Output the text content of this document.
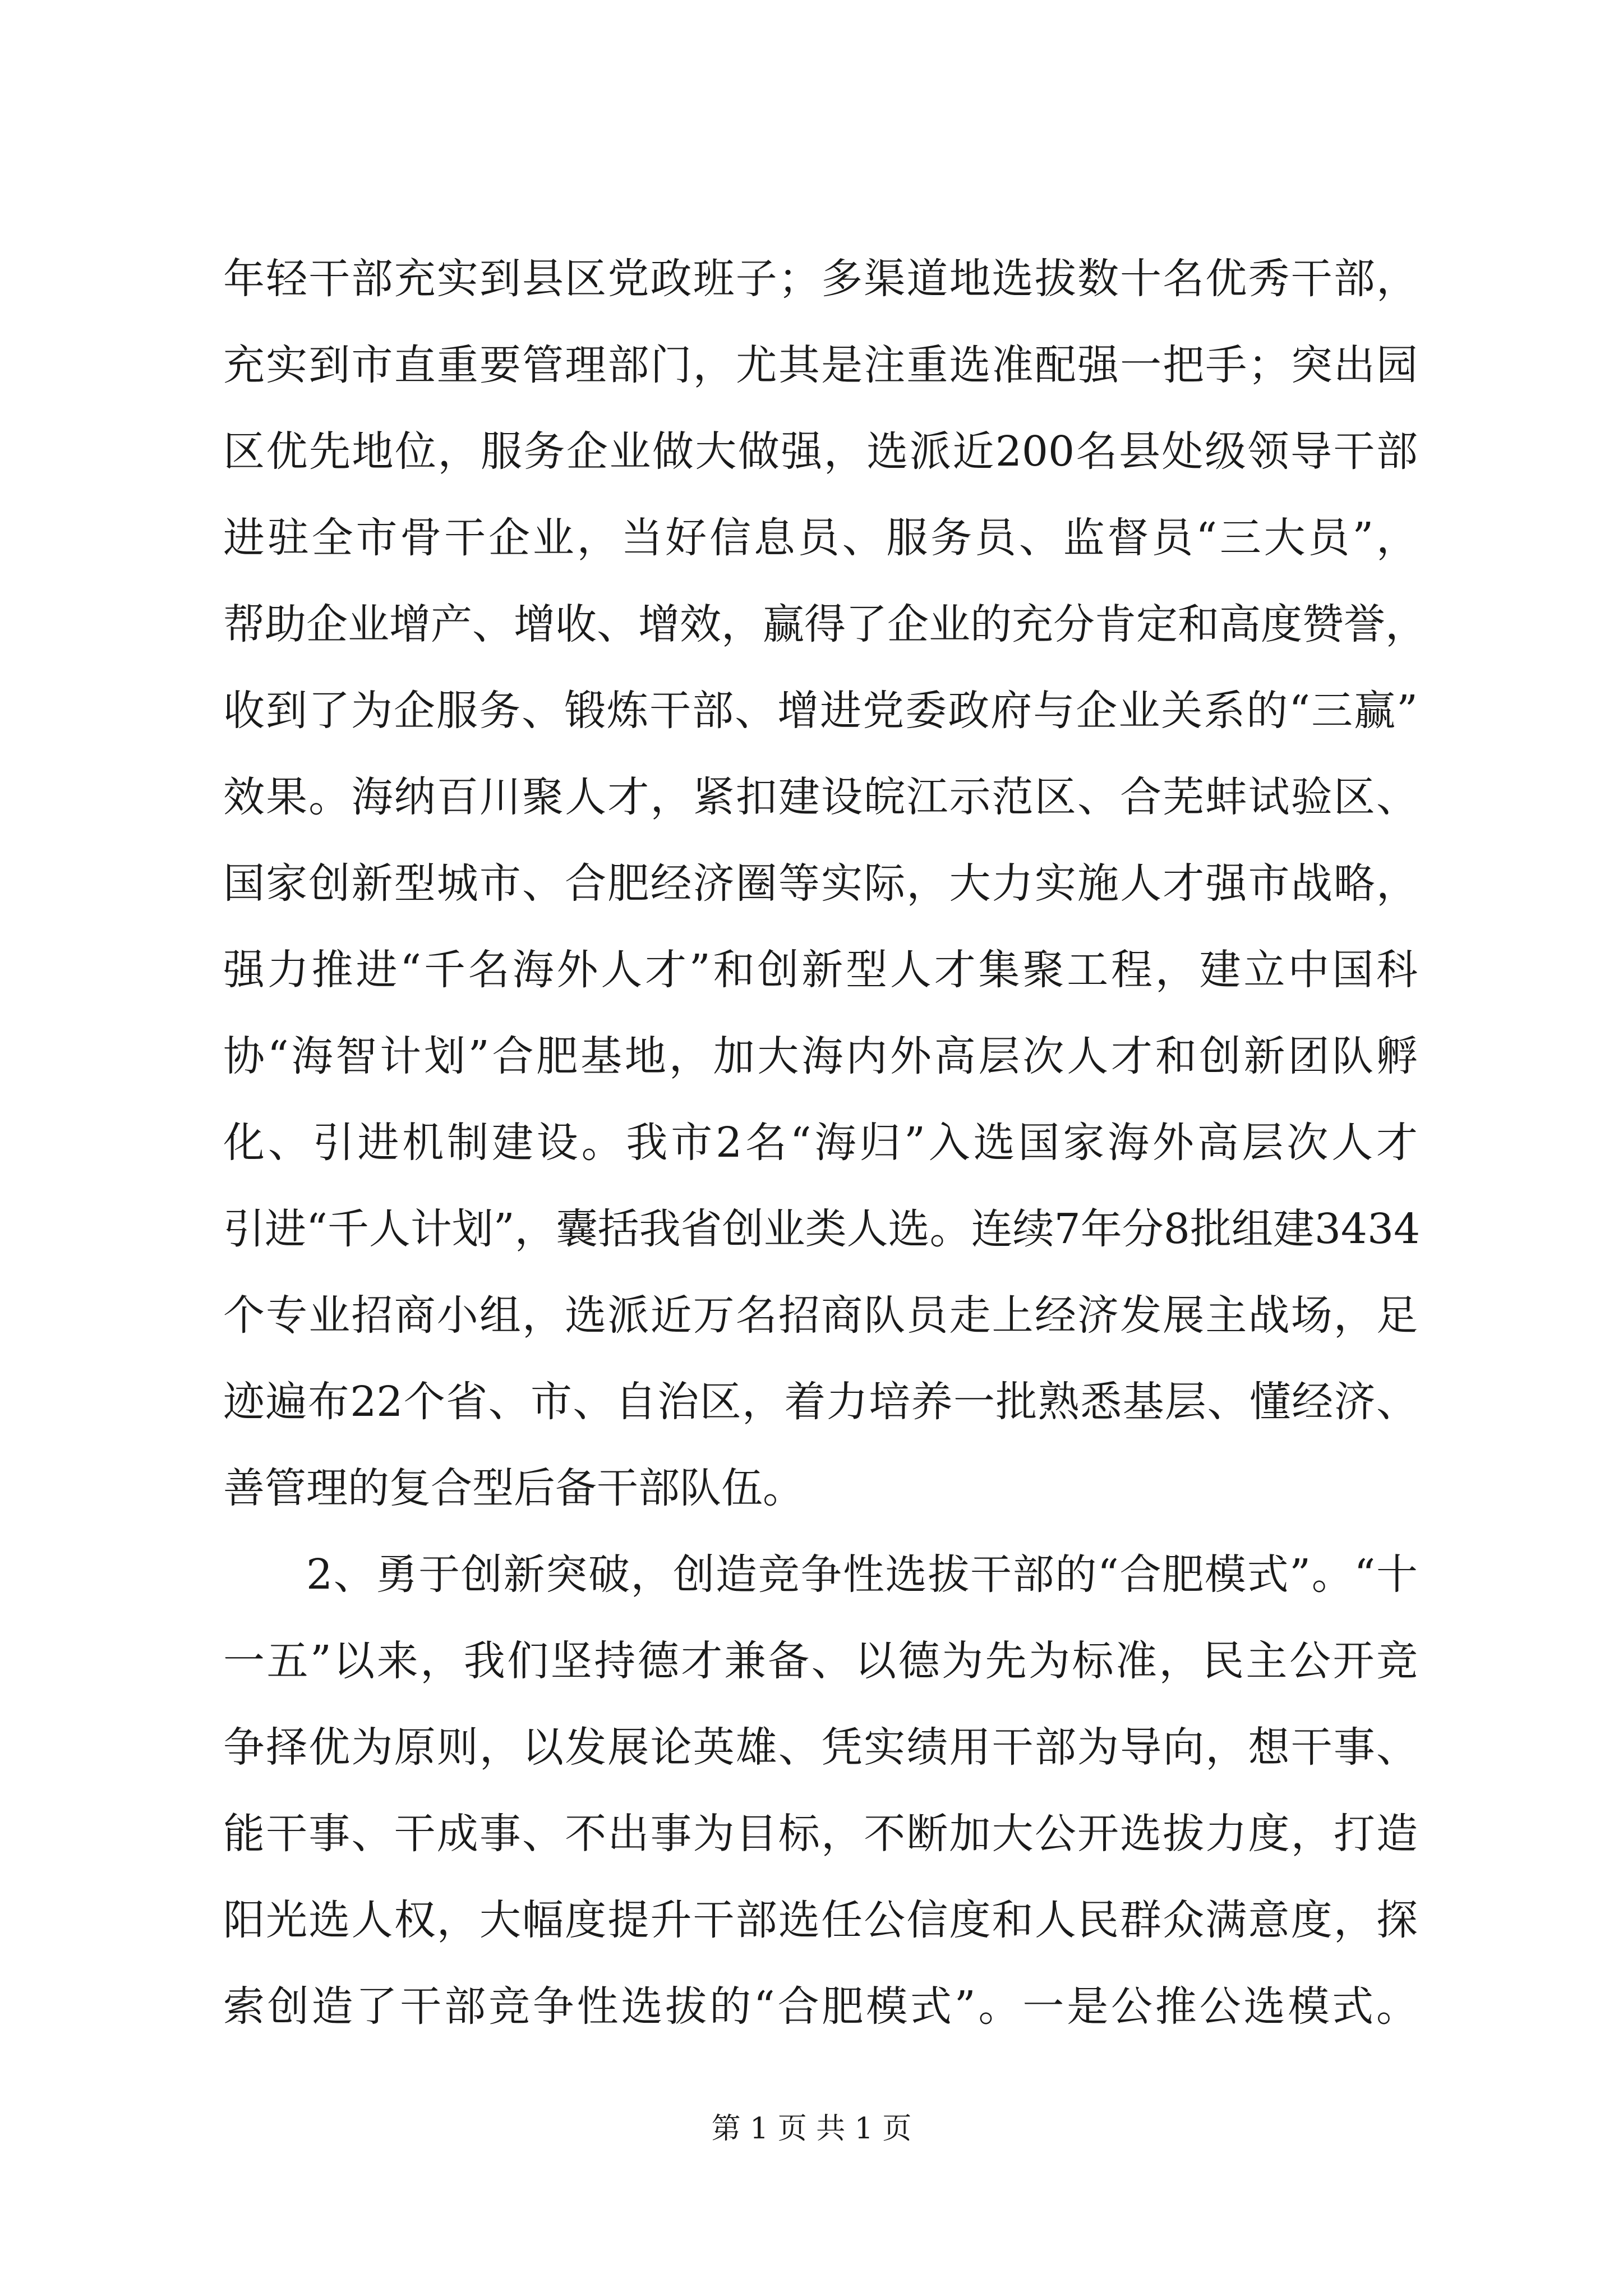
年轻干部充实到县区党政班子；多渠道地选拔数十名优秀干部，
充实到市直重要管理部门，尤其是注重选准配强一把手；突出园
区优先地位，服务企业做大做强，选派近200名县处级领导干部
进驻全市骨干企业，当好信息员、服务员、监督员“三大员”，
帮助企业增产、增收、增效，赢得了企业的充分肯定和高度赞誉，
收到了为企服务、锻炼干部、增进党委政府与企业关系的“三赢”
效果。海纳百川聚人才，紧扣建设皖江示范区、合芜蚌试验区、
国家创新型城市、合肥经济圈等实际，大力实施人才强市战略，
强力推进“千名海外人才”和创新型人才集聚工程，建立中国科
协“海智计划”合肥基地，加大海内外高层次人才和创新团队孵
化、引进机制建设。我市2名“海归”入选国家海外高层次人才
引进“千人计划”，囊括我省创业类人选。连续7年分8批组建3434
个专业招商小组，选派近万名招商队员走上经济发展主战场，足
迹遍布22个省、市、自治区，着力培养一批熟悉基层、懂经济、
善管理的复合型后备干部队伍。
2、勇于创新突破，创造竞争性选拔干部的“合肥模式”。“十
一五”以来，我们坚持德才兼备、以德为先为标准，民主公开竞
争择优为原则，以发展论英雄、凭实绩用干部为导向，想干事、
能干事、干成事、不出事为目标，不断加大公开选拔力度，打造
阳光选人权，大幅度提升干部选任公信度和人民群众满意度，探
索创造了干部竞争性选拔的“合肥模式”。一是公推公选模式。
第 1 页 共 1 页
